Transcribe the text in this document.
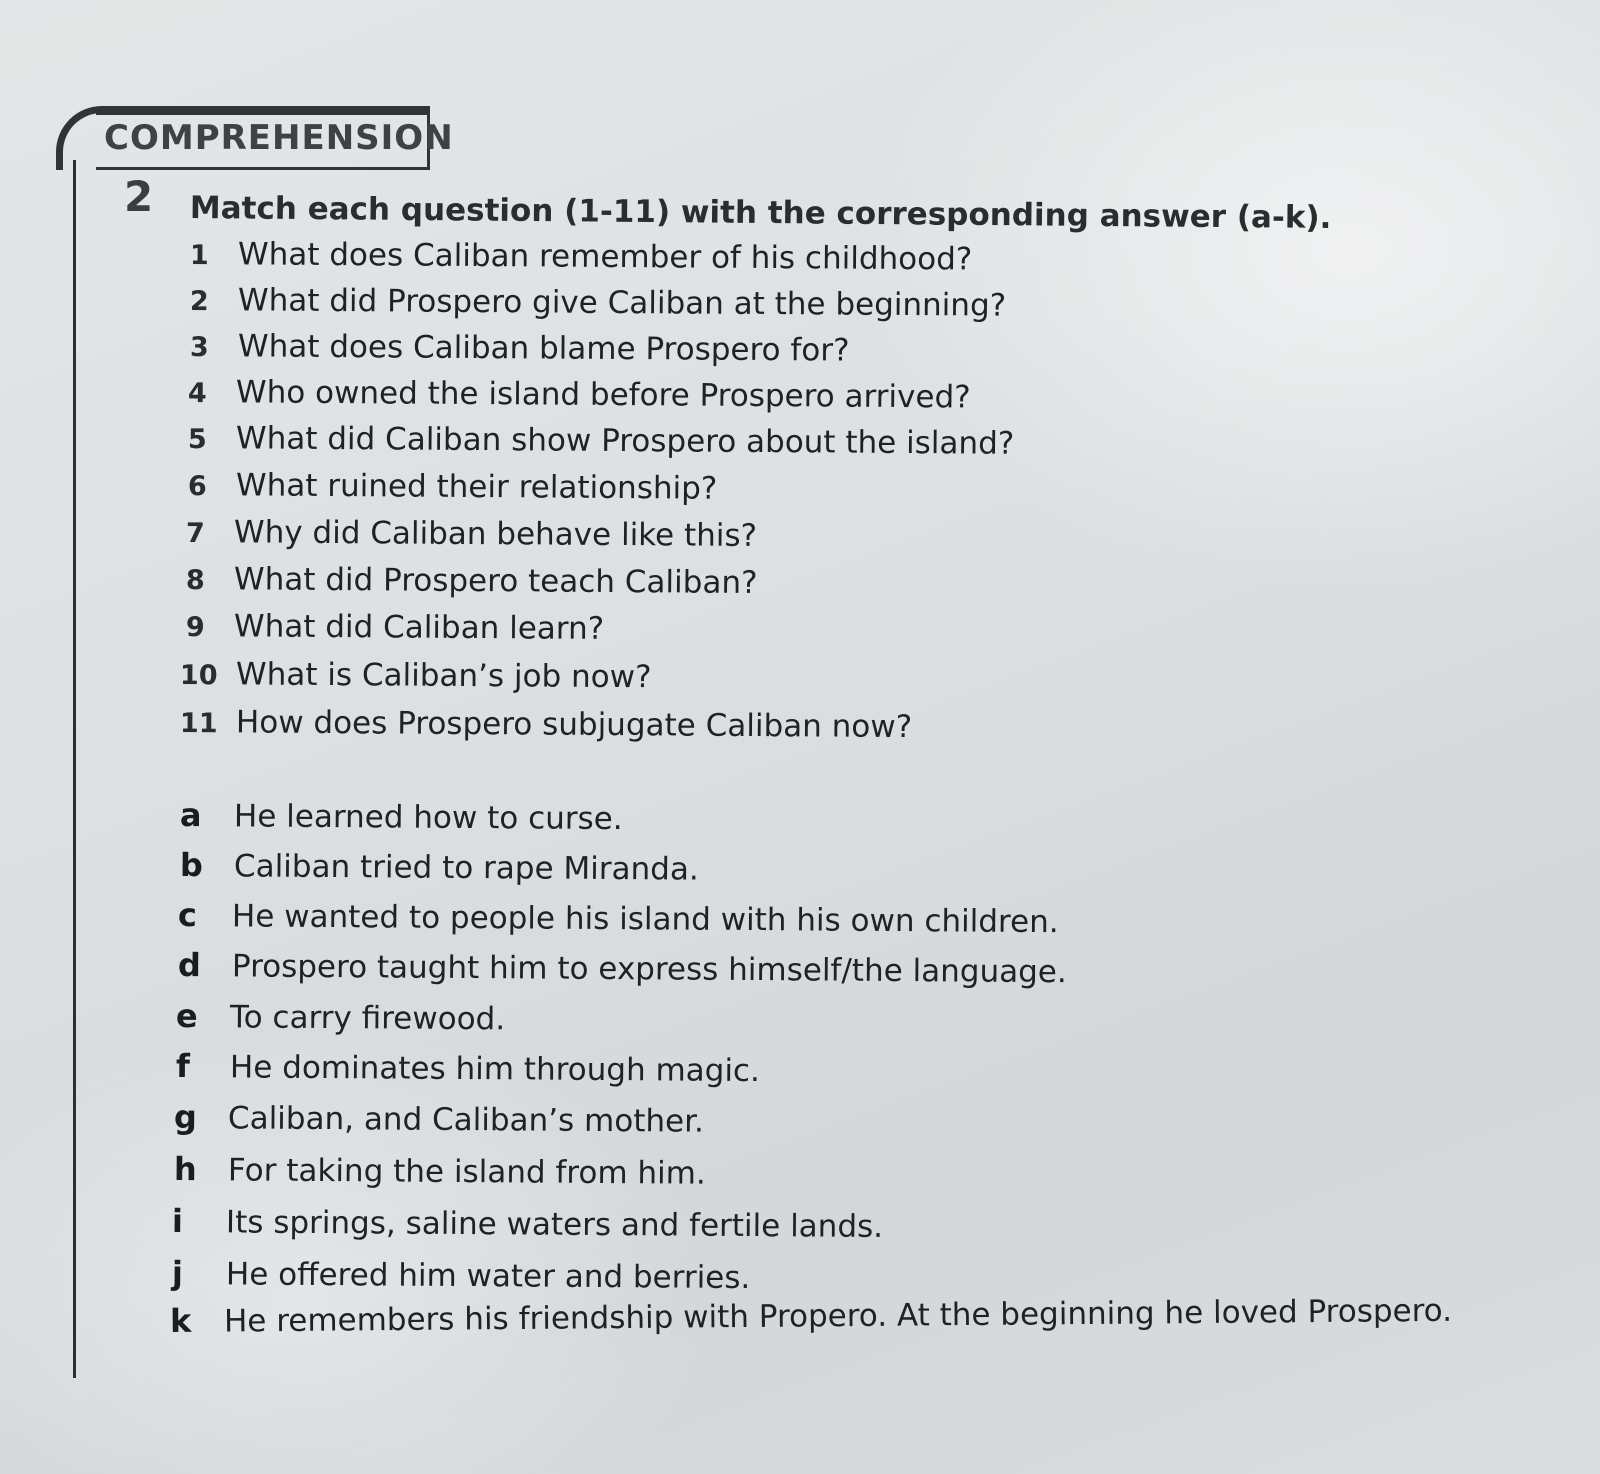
COMPREHENSION
2 Match each question (1-11) with the corresponding answer (a-k).
1 What does Caliban remember of his childhood?
2 What did Prospero give Caliban at the beginning?
3 What does Caliban blame Prospero for?
4 Who owned the island before Prospero arrived?
5 What did Caliban show Prospero about the island?
6 What ruined their relationship?
7 Why did Caliban behave like this?
8 What did Prospero teach Caliban?
9 What did Caliban learn?
10 What is Caliban’s job now?
11 How does Prospero subjugate Caliban now?
a He learned how to curse.
b Caliban tried to rape Miranda.
c He wanted to people his island with his own children.
d Prospero taught him to express himself/the language.
e To carry firewood.
f He dominates him through magic.
g Caliban, and Caliban’s mother.
h For taking the island from him.
i Its springs, saline waters and fertile lands.
j He offered him water and berries.
k He remembers his friendship with Propero. At the beginning he loved Prospero.
